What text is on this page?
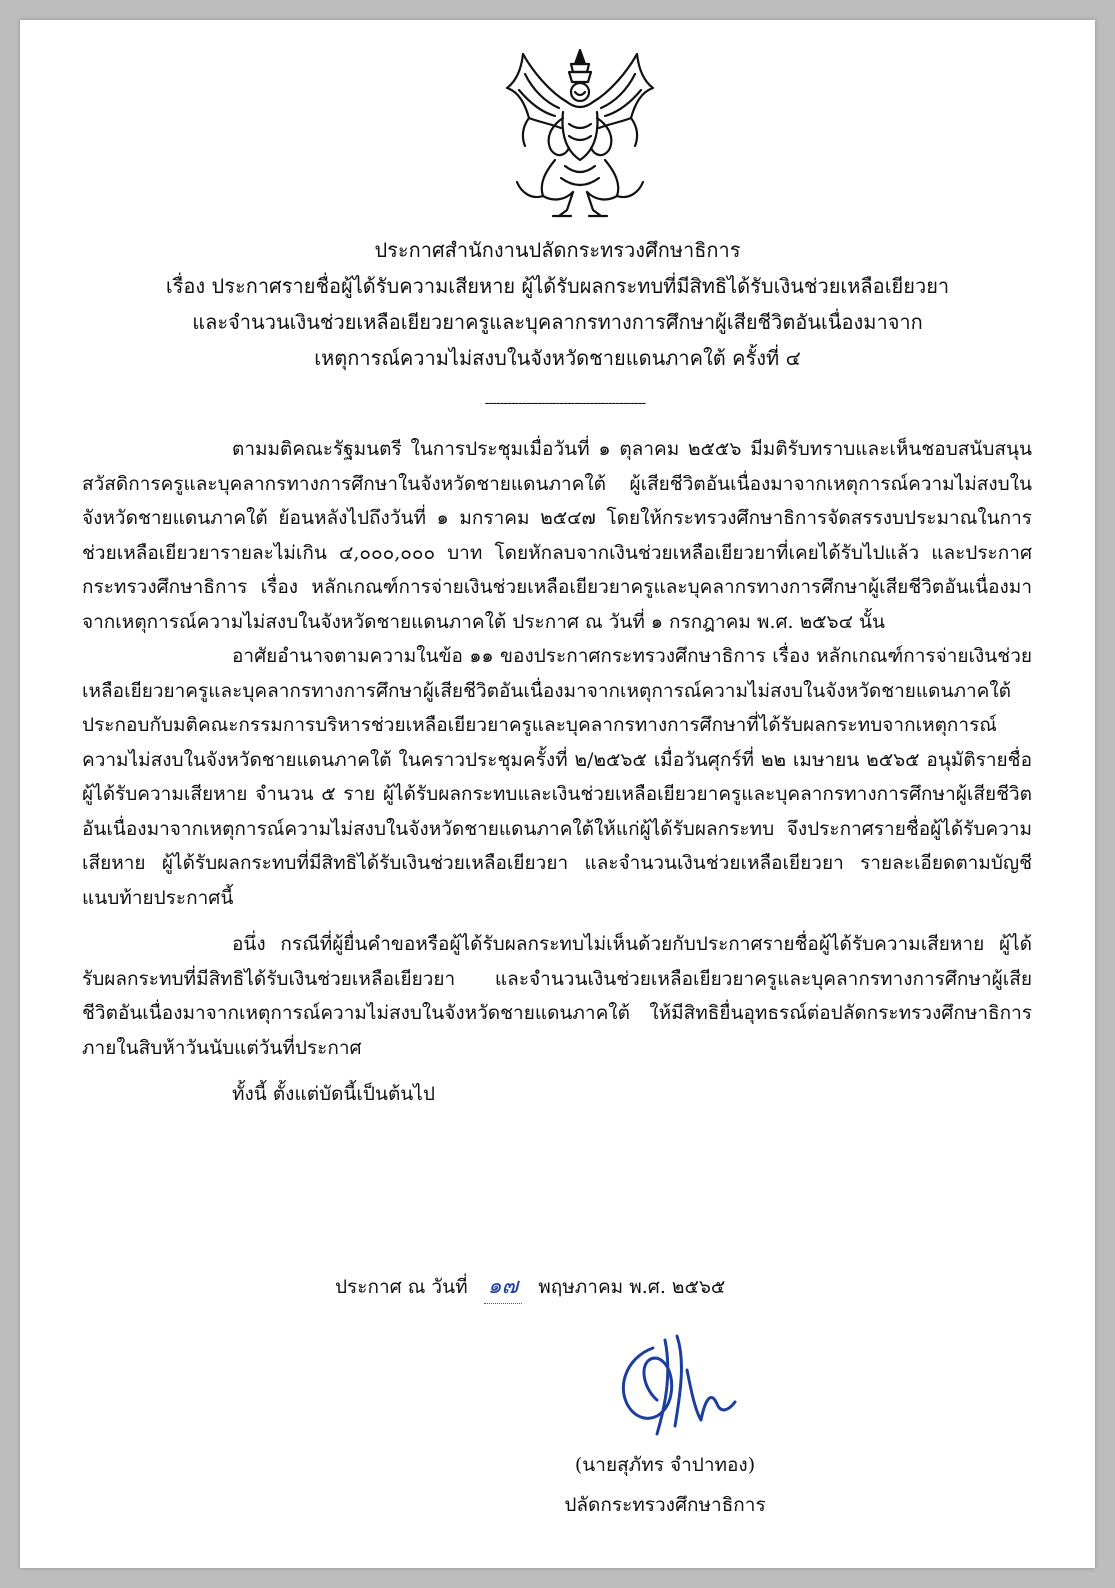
ประกาศสำนักงานปลัดกระทรวงศึกษาธิการ
เรื่อง ประกาศรายชื่อผู้ได้รับความเสียหาย ผู้ได้รับผลกระทบที่มีสิทธิได้รับเงินช่วยเหลือเยียวยา
และจำนวนเงินช่วยเหลือเยียวยาครูและบุคลากรทางการศึกษาผู้เสียชีวิตอันเนื่องมาจาก
เหตุการณ์ความไม่สงบในจังหวัดชายแดนภาคใต้ ครั้งที่ ๔
-------------------------------------------

ตามมติคณะรัฐมนตรี ในการประชุมเมื่อวันที่ ๑ ตุลาคม ๒๕๕๖ มีมติรับทราบและเห็นชอบสนับสนุนสวัสดิการครูและบุคลากรทางการศึกษาในจังหวัดชายแดนภาคใต้ ผู้เสียชีวิตอันเนื่องมาจากเหตุการณ์ความไม่สงบในจังหวัดชายแดนภาคใต้ ย้อนหลังไปถึงวันที่ ๑ มกราคม ๒๕๔๗ โดยให้กระทรวงศึกษาธิการจัดสรรงบประมาณในการช่วยเหลือเยียวยารายละไม่เกิน ๔,๐๐๐,๐๐๐ บาท โดยหักลบจากเงินช่วยเหลือเยียวยาที่เคยได้รับไปแล้ว และประกาศกระทรวงศึกษาธิการ เรื่อง หลักเกณฑ์การจ่ายเงินช่วยเหลือเยียวยาครูและบุคลากรทางการศึกษาผู้เสียชีวิตอันเนื่องมาจากเหตุการณ์ความไม่สงบในจังหวัดชายแดนภาคใต้ ประกาศ ณ วันที่ ๑ กรกฎาคม พ.ศ. ๒๕๖๔ นั้น

อาศัยอำนาจตามความในข้อ ๑๑ ของประกาศกระทรวงศึกษาธิการ เรื่อง หลักเกณฑ์การจ่ายเงินช่วยเหลือเยียวยาครูและบุคลากรทางการศึกษาผู้เสียชีวิตอันเนื่องมาจากเหตุการณ์ความไม่สงบในจังหวัดชายแดนภาคใต้ ประกอบกับมติคณะกรรมการบริหารช่วยเหลือเยียวยาครูและบุคลากรทางการศึกษาที่ได้รับผลกระทบจากเหตุการณ์ความไม่สงบในจังหวัดชายแดนภาคใต้ ในคราวประชุมครั้งที่ ๒/๒๕๖๕ เมื่อวันศุกร์ที่ ๒๒ เมษายน ๒๕๖๕ อนุมัติรายชื่อผู้ได้รับความเสียหาย จำนวน ๕ ราย ผู้ได้รับผลกระทบและเงินช่วยเหลือเยียวยาครูและบุคลากรทางการศึกษาผู้เสียชีวิตอันเนื่องมาจากเหตุการณ์ความไม่สงบในจังหวัดชายแดนภาคใต้ให้แก่ผู้ได้รับผลกระทบ จึงประกาศรายชื่อผู้ได้รับความเสียหาย ผู้ได้รับผลกระทบที่มีสิทธิได้รับเงินช่วยเหลือเยียวยา และจำนวนเงินช่วยเหลือเยียวยา รายละเอียดตามบัญชีแนบท้ายประกาศนี้

อนึ่ง กรณีที่ผู้ยื่นคำขอหรือผู้ได้รับผลกระทบไม่เห็นด้วยกับประกาศรายชื่อผู้ได้รับความเสียหาย ผู้ได้รับผลกระทบที่มีสิทธิได้รับเงินช่วยเหลือเยียวยา และจำนวนเงินช่วยเหลือเยียวยาครูและบุคลากรทางการศึกษาผู้เสียชีวิตอันเนื่องมาจากเหตุการณ์ความไม่สงบในจังหวัดชายแดนภาคใต้ ให้มีสิทธิยื่นอุทธรณ์ต่อปลัดกระทรวงศึกษาธิการภายในสิบห้าวันนับแต่วันที่ประกาศ

ทั้งนี้ ตั้งแต่บัดนี้เป็นต้นไป

ประกาศ ณ วันที่ ๑๗ พฤษภาคม พ.ศ. ๒๕๖๕
(นายสุภัทร จำปาทอง)
ปลัดกระทรวงศึกษาธิการ
